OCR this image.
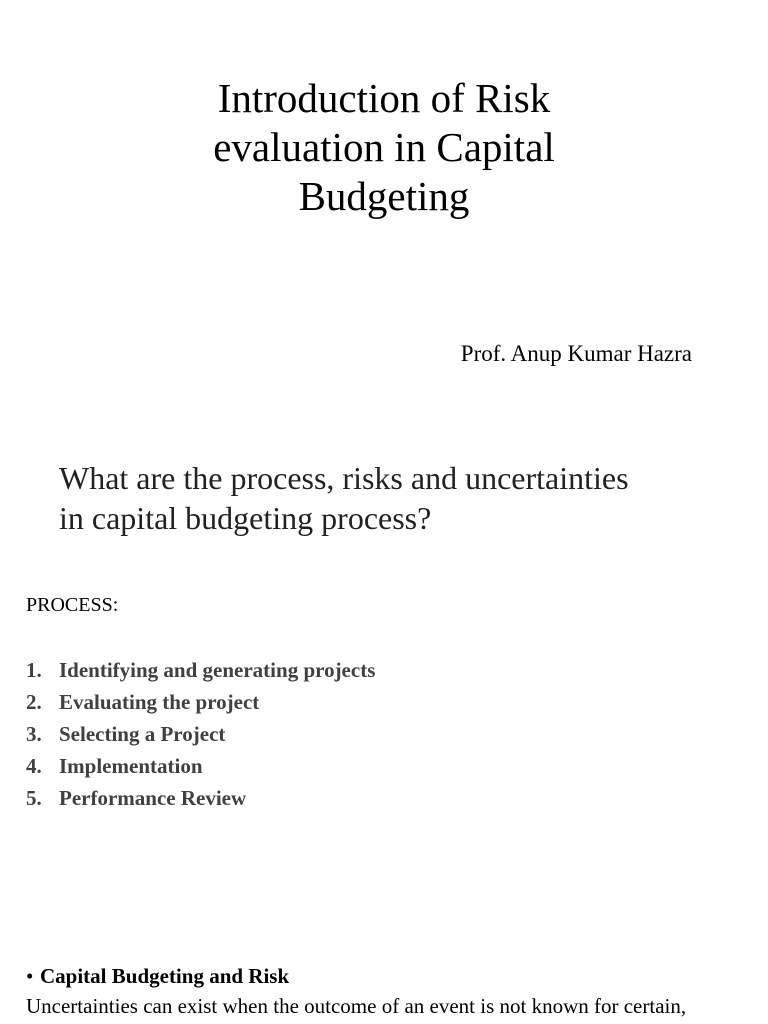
Introduction of Risk
evaluation in Capital
Budgeting
Prof. Anup Kumar Hazra
What are the process, risks and uncertainties
in capital budgeting process?
PROCESS:
1. Identifying and generating projects
2. Evaluating the project
3. Selecting a Project
4. Implementation
5. Performance Review
• Capital Budgeting and Risk
Uncertainties can exist when the outcome of an event is not known for certain,
